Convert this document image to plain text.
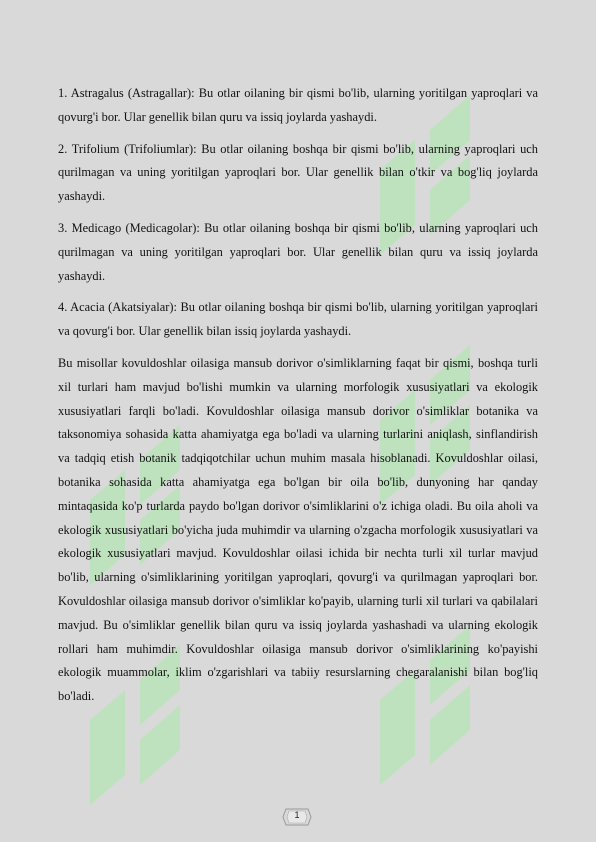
1. Astragalus (Astragallar): Bu otlar oilaning bir qismi bo'lib, ularning yoritilgan yaproqlari va qovurg'i bor. Ular genellik bilan quru va issiq joylarda yashaydi.

2. Trifolium (Trifoliumlar): Bu otlar oilaning boshqa bir qismi bo'lib, ularning yaproqlari uch qurilmagan va uning yoritilgan yaproqlari bor. Ular genellik bilan o'tkir va bog'liq joylarda yashaydi.

3. Medicago (Medicagolar): Bu otlar oilaning boshqa bir qismi bo'lib, ularning yaproqlari uch qurilmagan va uning yoritilgan yaproqlari bor. Ular genellik bilan quru va issiq joylarda yashaydi.

4. Acacia (Akatsiyalar): Bu otlar oilaning boshqa bir qismi bo'lib, ularning yoritilgan yaproqlari va qovurg'i bor. Ular genellik bilan issiq joylarda yashaydi.

Bu misollar kovuldoshlar oilasiga mansub dorivor o'simliklarning faqat bir qismi, boshqa turli xil turlari ham mavjud bo'lishi mumkin va ularning morfologik xususiyatlari va ekologik xususiyatlari farqli bo'ladi. Kovuldoshlar oilasiga mansub dorivor o'simliklar botanika va taksonomiya sohasida katta ahamiyatga ega bo'ladi va ularning turlarini aniqlash, sinflandirish va tadqiq etish botanik tadqiqotchilar uchun muhim masala hisoblanadi. Kovuldoshlar oilasi, botanika sohasida katta ahamiyatga ega bo'lgan bir oila bo'lib, dunyoning har qanday mintaqasida ko'p turlarda paydo bo'lgan dorivor o'simliklarini o'z ichiga oladi. Bu oila aholi va ekologik xususiyatlari bo'yicha juda muhimdir va ularning o'zgacha morfologik xususiyatlari va ekologik xususiyatlari mavjud. Kovuldoshlar oilasi ichida bir nechta turli xil turlar mavjud bo'lib, ularning o'simliklarining yoritilgan yaproqlari, qovurg'i va qurilmagan yaproqlari bor. Kovuldoshlar oilasiga mansub dorivor o'simliklar ko'payib, ularning turli xil turlari va qabilalari mavjud. Bu o'simliklar genellik bilan quru va issiq joylarda yashashadi va ularning ekologik rollari ham muhimdir. Kovuldoshlar oilasiga mansub dorivor o'simliklarining ko'payishi ekologik muammolar, iklim o'zgarishlari va tabiiy resurslarning chegaralanishi bilan bog'liq bo'ladi.

1
